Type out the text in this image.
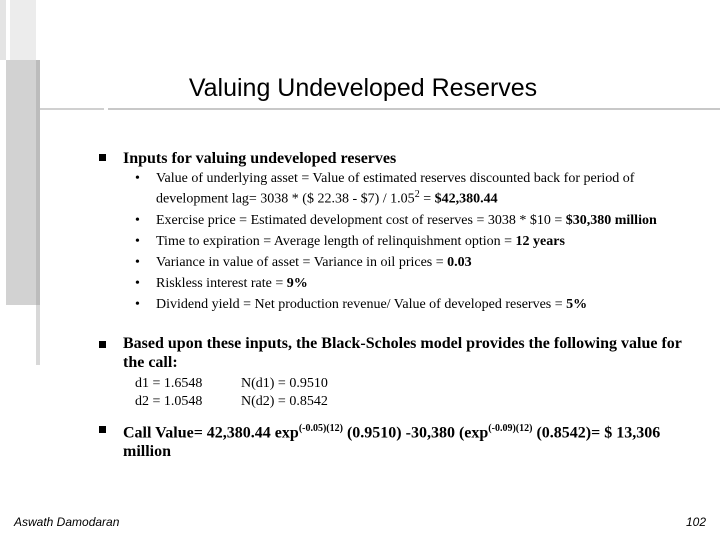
Valuing Undeveloped Reserves
Inputs for valuing undeveloped reserves
• Value of underlying asset = Value of estimated reserves discounted back for period of development lag= 3038 * ($ 22.38 - $7) / $1.05^2$ = $42,380.44
• Exercise price = Estimated development cost of reserves = 3038 * $10 = $30,380 million
• Time to expiration = Average length of relinquishment option = 12 years
• Variance in value of asset = Variance in oil prices = 0.03
• Riskless interest rate = 9%
• Dividend yield = Net production revenue/ Value of developed reserves = 5%
Based upon these inputs, the Black-Scholes model provides the following value for the call:
d1 = 1.6548	N(d1) = 0.9510
d2 = 1.0548	N(d2) = 0.8542
Call Value= 42,380.44 $\exp^{(-0.05)(12)} (0.9510)$ -30,380 ($\exp^{(-0.09)(12)}$ (0.8542)= $ 13,306 million
Aswath Damodaran	102
